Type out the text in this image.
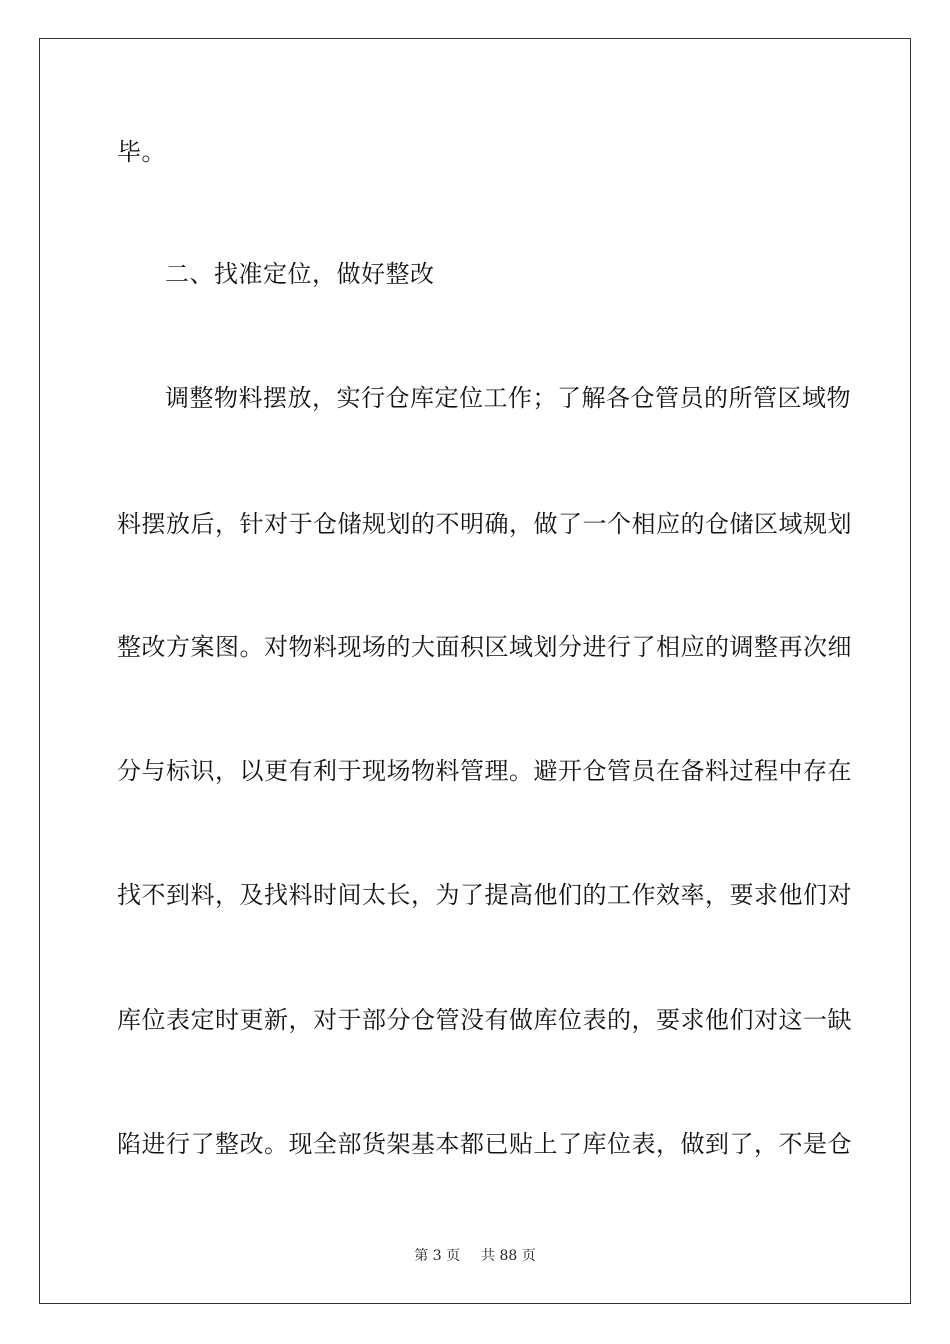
毕。
二、找准定位，做好整改
调整物料摆放，实行仓库定位工作；了解各仓管员的所管区域物
料摆放后，针对于仓储规划的不明确，做了一个相应的仓储区域规划
整改方案图。对物料现场的大面积区域划分进行了相应的调整再次细
分与标识，以更有利于现场物料管理。避开仓管员在备料过程中存在
找不到料，及找料时间太长，为了提高他们的工作效率，要求他们对
库位表定时更新，对于部分仓管没有做库位表的，要求他们对这一缺
陷进行了整改。现全部货架基本都已贴上了库位表，做到了，不是仓
第 3 页 共 88 页
